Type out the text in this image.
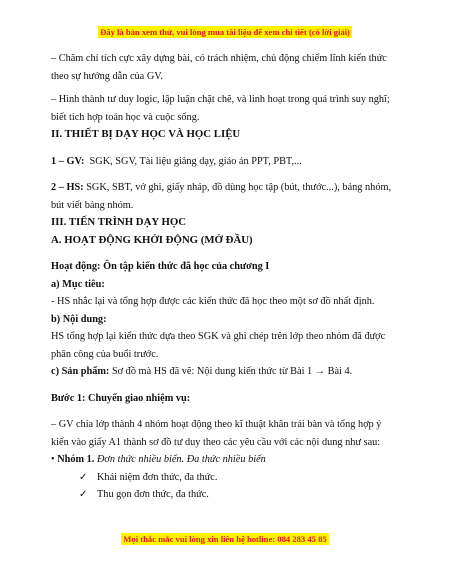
Đây là bản xem thử, vui lòng mua tài liệu để xem chi tiết (có lời giải)

– Chăm chỉ tích cực xây dựng bài, có trách nhiệm, chủ động chiếm lĩnh kiến thức theo sự hướng dẫn của GV.

– Hình thành tư duy logic, lập luận chặt chẽ, và linh hoạt trong quá trình suy nghĩ; biết tích hợp toán học và cuộc sống.

II. THIẾT BỊ DẠY HỌC VÀ HỌC LIỆU

1 – GV: SGK, SGV, Tài liệu giảng dạy, giáo án PPT, PBT,...

2 – HS: SGK, SBT, vở ghi, giấy nháp, đồ dùng học tập (bút, thước...), bảng nhóm, bút viết bảng nhóm.

III. TIẾN TRÌNH DẠY HỌC

A. HOẠT ĐỘNG KHỞI ĐỘNG (MỞ ĐẦU)

Hoạt động: Ôn tập kiến thức đã học của chương I

a) Mục tiêu:

- HS nhắc lại và tổng hợp được các kiến thức đã học theo một sơ đồ nhất định.

b) Nội dung:

HS tổng hợp lại kiến thức dựa theo SGK và ghi chép trên lớp theo nhóm đã được phân công của buổi trước.

c) Sản phẩm: Sơ đồ mà HS đã vẽ: Nội dung kiến thức từ Bài 1 → Bài 4.

Bước 1: Chuyển giao nhiệm vụ:

– GV chia lớp thành 4 nhóm hoạt động theo kĩ thuật khăn trải bàn và tổng hợp ý kiến vào giấy A1 thành sơ đồ tư duy theo các yêu cầu với các nội dung như sau:

• Nhóm 1. Đơn thức nhiều biến. Đa thức nhiều biến

✓ Khái niệm đơn thức, đa thức.
✓ Thu gọn đơn thức, đa thức.
Mọi thắc mắc vui lòng xin liên hệ hotline: 084 283 45 85
